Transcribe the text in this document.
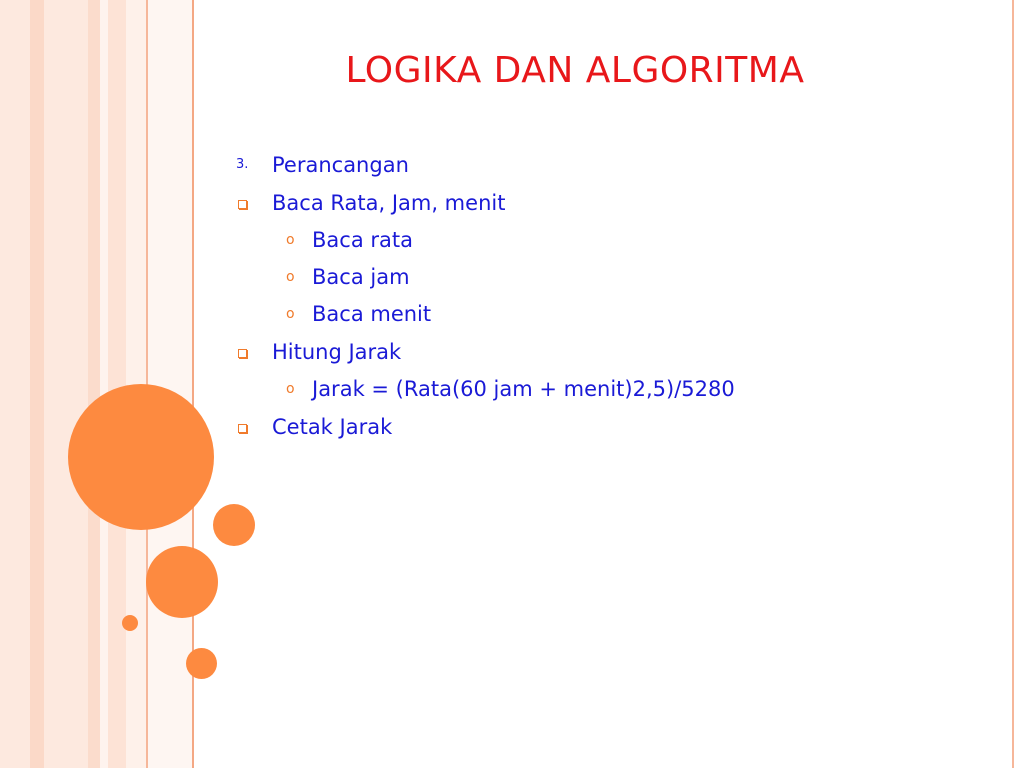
LOGIKA DAN ALGORITMA
3. Perancangan
Baca Rata, Jam, menit
o Baca rata
o Baca jam
o Baca menit
Hitung Jarak
o Jarak = (Rata(60 jam + menit)2,5)/5280
Cetak Jarak
